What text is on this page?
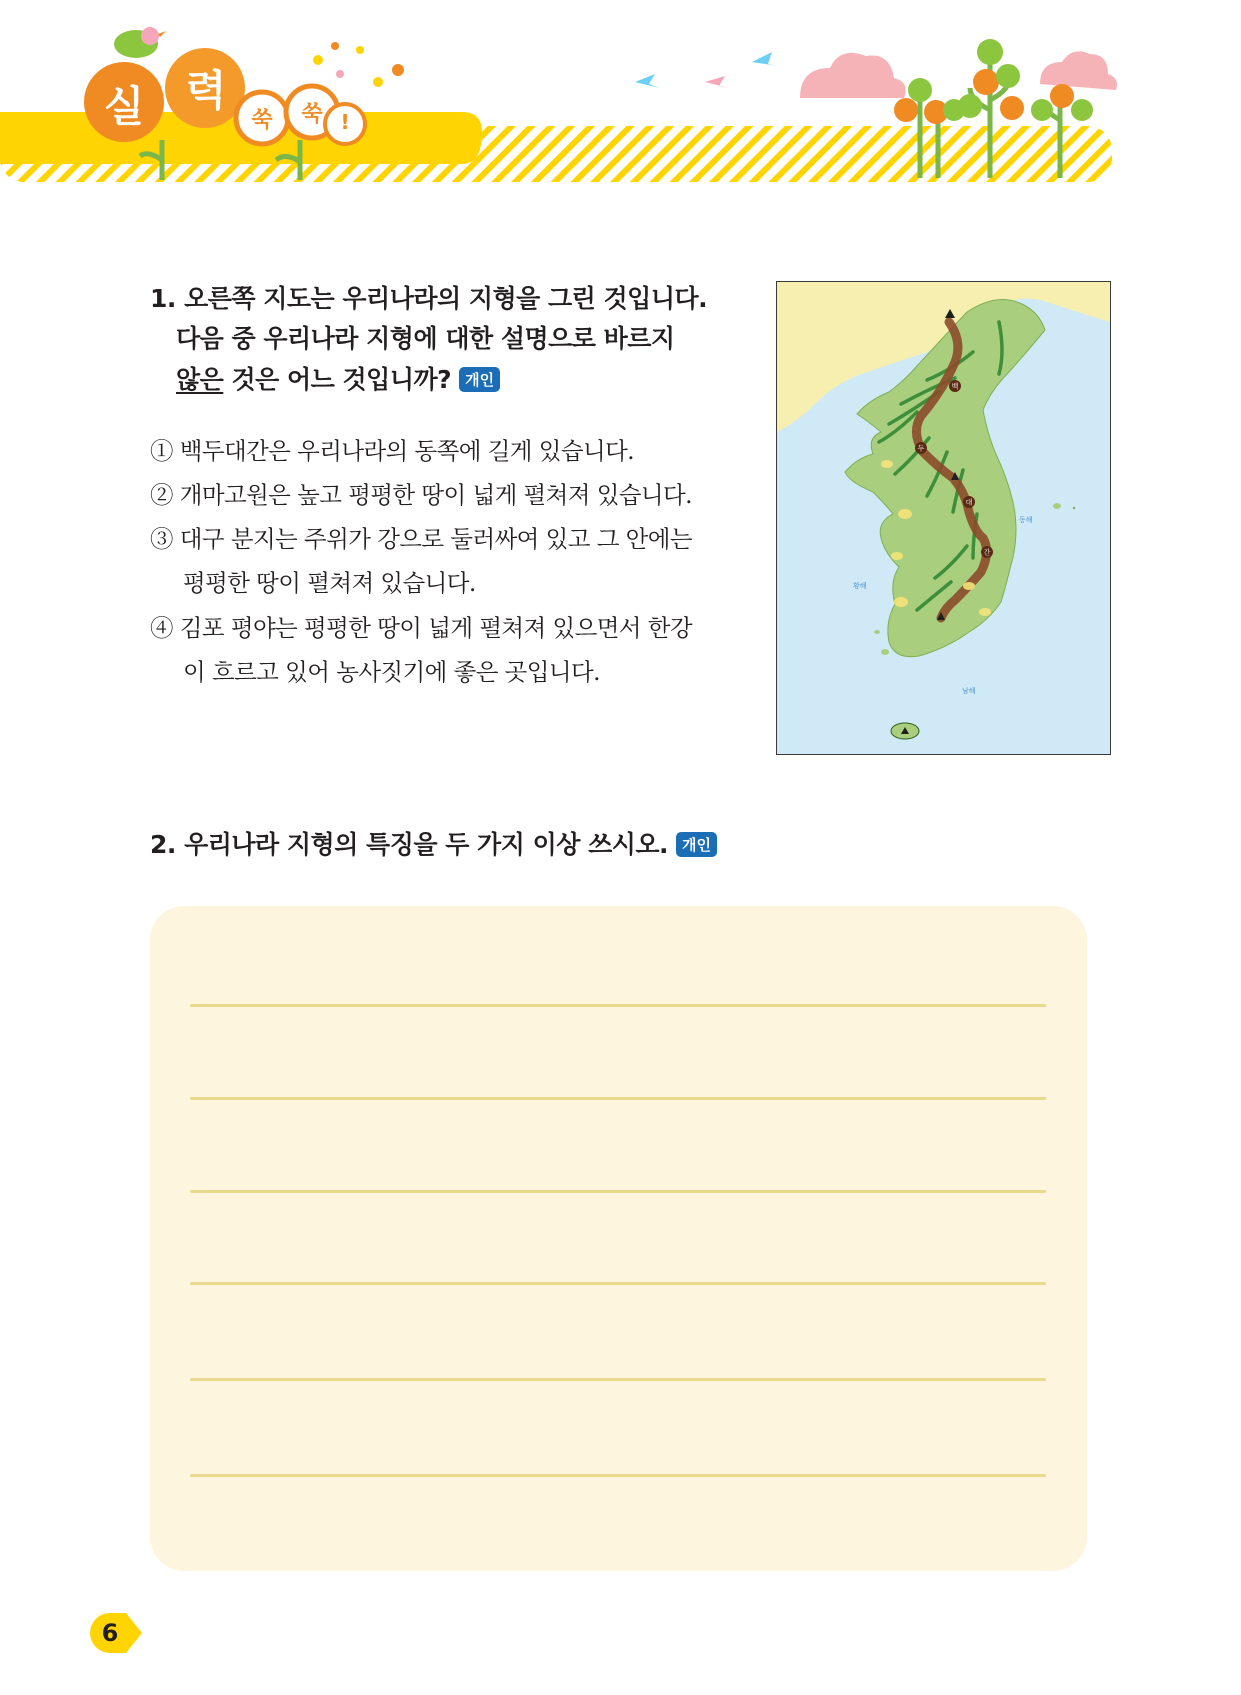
실 력
쑥	쑥 !
1. 오른쪽 지도는 우리나라의 지형을 그린 것입니다.
다음 중 우리나라 지형에 대한 설명으로 바르지
않은 것은 어느 것입니까? 개인
① 백두대간은 우리나라의 동쪽에 길게 있습니다.
② 개마고원은 높고 평평한 땅이 넓게 펼쳐져 있습니다.
③ 대구 분지는 주위가 강으로 둘러싸여 있고 그 안에는
평평한 땅이 펼쳐져 있습니다.
④ 김포 평야는 평평한 땅이 넓게 펼쳐져 있으면서 한강
이 흐르고 있어 농사짓기에 좋은 곳입니다.
백
두
대
간
동해
황해
남해
2. 우리나라 지형의 특징을 두 가지 이상 쓰시오. 개인
6
